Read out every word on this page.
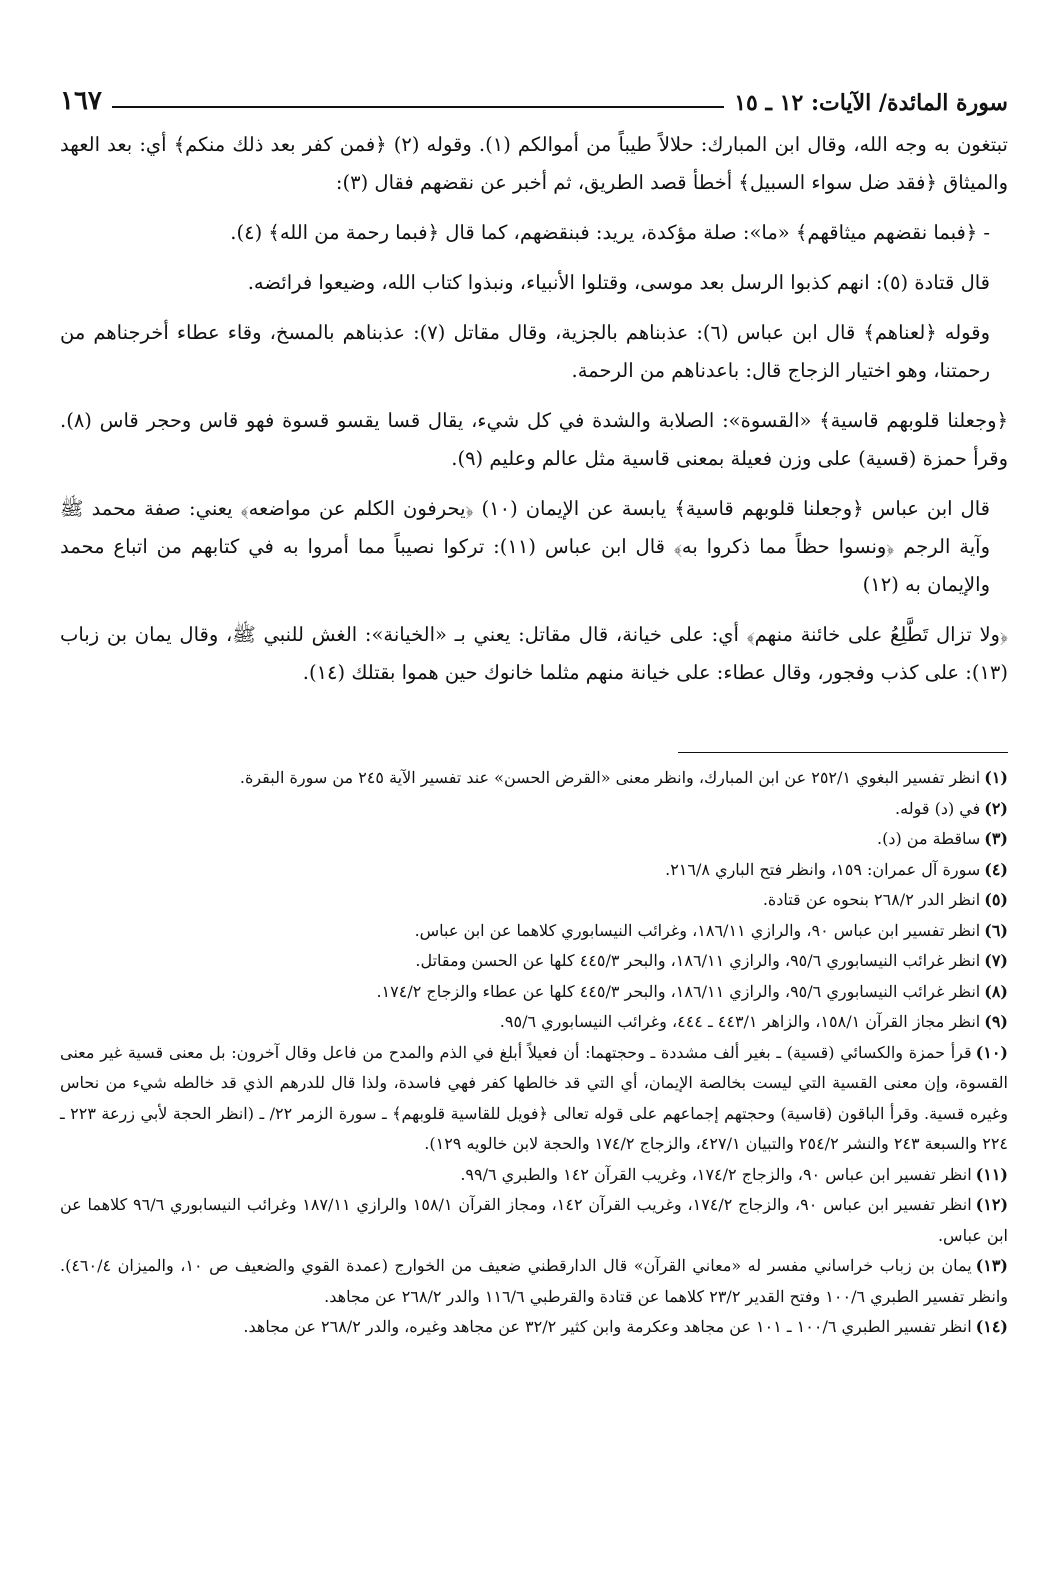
سورة المائدة/ الآيات: ١٢ ـ ١٥
١٦٧

تبتغون به وجه الله، وقال ابن المبارك: حلالاً طيباً من أموالكم (١). وقوله (٢) ﴿فمن كفر بعد ذلك منكم﴾ أي: بعد العهد والميثاق ﴿فقد ضل سواء السبيل﴾ أخطأ قصد الطريق، ثم أخبر عن نقضهم فقال (٣):

- ﴿فبما نقضهم ميثاقهم﴾ «ما»: صلة مؤكدة، يريد: فبنقضهم، كما قال ﴿فبما رحمة من الله﴾ (٤).

قال قتادة (٥): انهم كذبوا الرسل بعد موسى، وقتلوا الأنبياء، ونبذوا كتاب الله، وضيعوا فرائضه.

وقوله ﴿لعناهم﴾ قال ابن عباس (٦): عذبناهم بالجزية، وقال مقاتل (٧): عذبناهم بالمسخ، وقاء عطاء أخرجناهم من رحمتنا، وهو اختيار الزجاج قال: باعدناهم من الرحمة.

﴿وجعلنا قلوبهم قاسية﴾ «القسوة»: الصلابة والشدة في كل شيء، يقال قسا يقسو قسوة فهو قاس وحجر قاس (٨). وقرأ حمزة (قسية) على وزن فعيلة بمعنى قاسية مثل عالم وعليم (٩).

قال ابن عباس ﴿وجعلنا قلوبهم قاسية﴾ يابسة عن الإيمان (١٠) ﴿يحرفون الكلم عن مواضعه﴾ يعني: صفة محمد ﷺ وآية الرجم ﴿ونسوا حظاً مما ذكروا به﴾ قال ابن عباس (١١): تركوا نصيباً مما أمروا به في كتابهم من اتباع محمد والإيمان به (١٢)

﴿ولا تزال تَطَّلِعُ على خائنة منهم﴾ أي: على خيانة، قال مقاتل: يعني بـ «الخيانة»: الغش للنبي ﷺ، وقال يمان بن زباب (١٣): على كذب وفجور، وقال عطاء: على خيانة منهم مثلما خانوك حين هموا بقتلك (١٤).

(١)انظر تفسير البغوي ٢٥٢/١ عن ابن المبارك، وانظر معنى «القرض الحسن» عند تفسير الآية ٢٤٥ من سورة البقرة.

(٢)في (د) قوله.

(٣)ساقطة من (د).

(٤)سورة آل عمران: ١٥٩، وانظر فتح الباري ٢١٦/٨.

(٥)انظر الدر ٢٦٨/٢ بنحوه عن قتادة.

(٦)انظر تفسير ابن عباس ٩٠، والرازي ١٨٦/١١، وغرائب النيسابوري كلاهما عن ابن عباس.

(٧)انظر غرائب النيسابوري ٩٥/٦، والرازي ١٨٦/١١، والبحر ٤٤٥/٣ كلها عن الحسن ومقاتل.

(٨)انظر غرائب النيسابوري ٩٥/٦، والرازي ١٨٦/١١، والبحر ٤٤٥/٣ كلها عن عطاء والزجاج ١٧٤/٢.

(٩)انظر مجاز القرآن ١٥٨/١، والزاهر ٤٤٣/١ ـ ٤٤٤، وغرائب النيسابوري ٩٥/٦.

(١٠)قرأ حمزة والكسائي (قسية) ـ بغير ألف مشددة ـ وحجتهما: أن فعيلاً أبلغ في الذم والمدح من فاعل وقال آخرون: بل معنى قسية غير معنى القسوة، وإن معنى القسية التي ليست بخالصة الإيمان، أي التي قد خالطها كفر فهي فاسدة، ولذا قال للدرهم الذي قد خالطه شيء من نحاس وغيره قسية. وقرأ الباقون (قاسية) وحجتهم إجماعهم على قوله تعالى ﴿فويل للقاسية قلوبهم﴾ ـ سورة الزمر ٢٢/ ـ (انظر الحجة لأبي زرعة ٢٢٣ ـ ٢٢٤ والسبعة ٢٤٣ والنشر ٢٥٤/٢ والتبيان ٤٢٧/١، والزجاج ١٧٤/٢ والحجة لابن خالويه ١٢٩).

(١١)انظر تفسير ابن عباس ٩٠، والزجاج ١٧٤/٢، وغريب القرآن ١٤٢ والطبري ٩٩/٦.

(١٢)انظر تفسير ابن عباس ٩٠، والزجاج ١٧٤/٢، وغريب القرآن ١٤٢، ومجاز القرآن ١٥٨/١ والرازي ١٨٧/١١ وغرائب النيسابوري ٩٦/٦ كلاهما عن ابن عباس.

(١٣)يمان بن زباب خراساني مفسر له «معاني القرآن» قال الدارقطني ضعيف من الخوارج (عمدة القوي والضعيف ص ١٠، والميزان ٤٦٠/٤). وانظر تفسير الطبري ١٠٠/٦ وفتح القدير ٢٣/٢ كلاهما عن قتادة والقرطبي ١١٦/٦ والدر ٢٦٨/٢ عن مجاهد.

(١٤)انظر تفسير الطبري ١٠٠/٦ ـ ١٠١ عن مجاهد وعكرمة وابن كثير ٣٢/٢ عن مجاهد وغيره، والدر ٢٦٨/٢ عن مجاهد.
